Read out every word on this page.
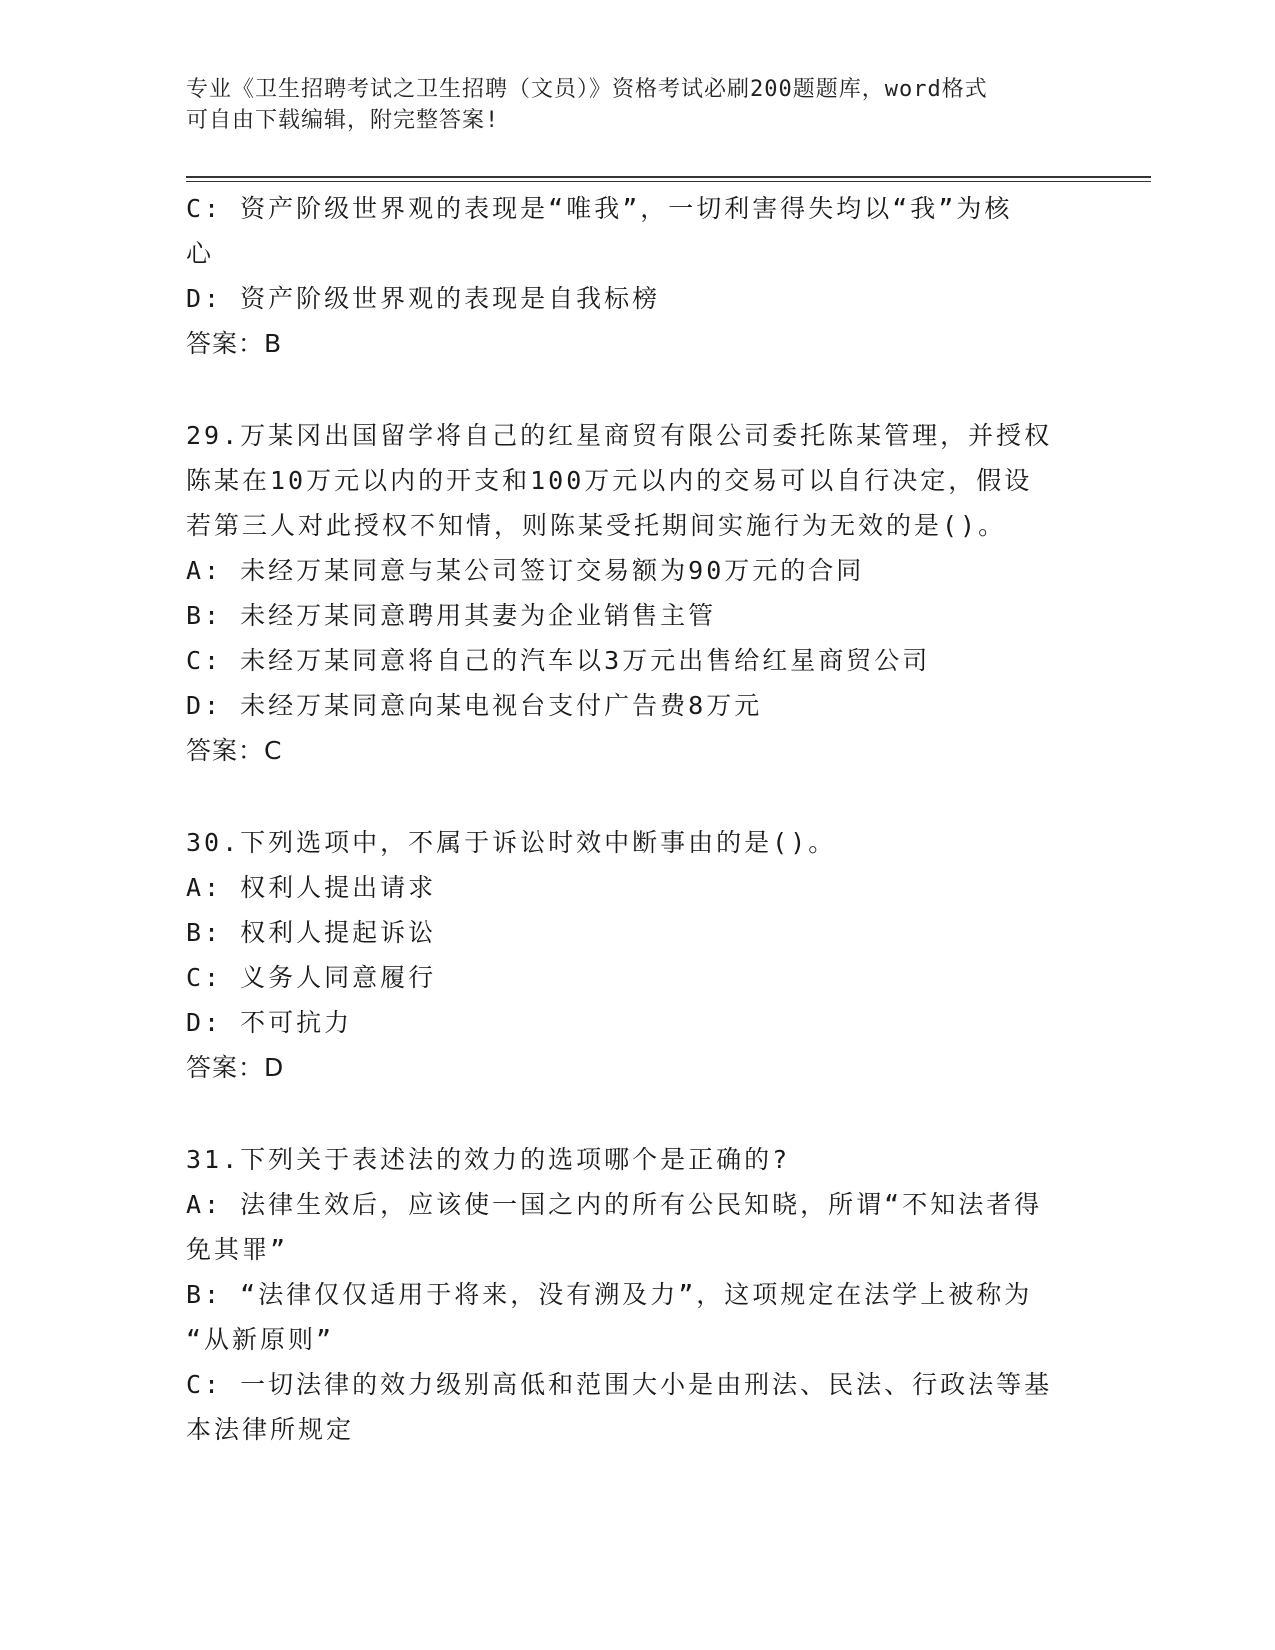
专业《卫生招聘考试之卫生招聘（文员）》资格考试必刷200题题库，word格式
可自由下载编辑，附完整答案!
C: 资产阶级世界观的表现是“唯我”，一切利害得失均以“我”为核
心
D: 资产阶级世界观的表现是自我标榜
答案：B
29.万某冈出国留学将自己的红星商贸有限公司委托陈某管理，并授权
陈某在10万元以内的开支和100万元以内的交易可以自行决定，假设
若第三人对此授权不知情，则陈某受托期间实施行为无效的是()。
A: 未经万某同意与某公司签订交易额为90万元的合同
B: 未经万某同意聘用其妻为企业销售主管
C: 未经万某同意将自己的汽车以3万元出售给红星商贸公司
D: 未经万某同意向某电视台支付广告费8万元
答案：C
30.下列选项中，不属于诉讼时效中断事由的是()。
A: 权利人提出请求
B: 权利人提起诉讼
C: 义务人同意履行
D: 不可抗力
答案：D
31.下列关于表述法的效力的选项哪个是正确的?
A: 法律生效后，应该使一国之内的所有公民知晓，所谓“不知法者得
免其罪”
B: “法律仅仅适用于将来，没有溯及力”，这项规定在法学上被称为
“从新原则”
C: 一切法律的效力级别高低和范围大小是由刑法、民法、行政法等基
本法律所规定
